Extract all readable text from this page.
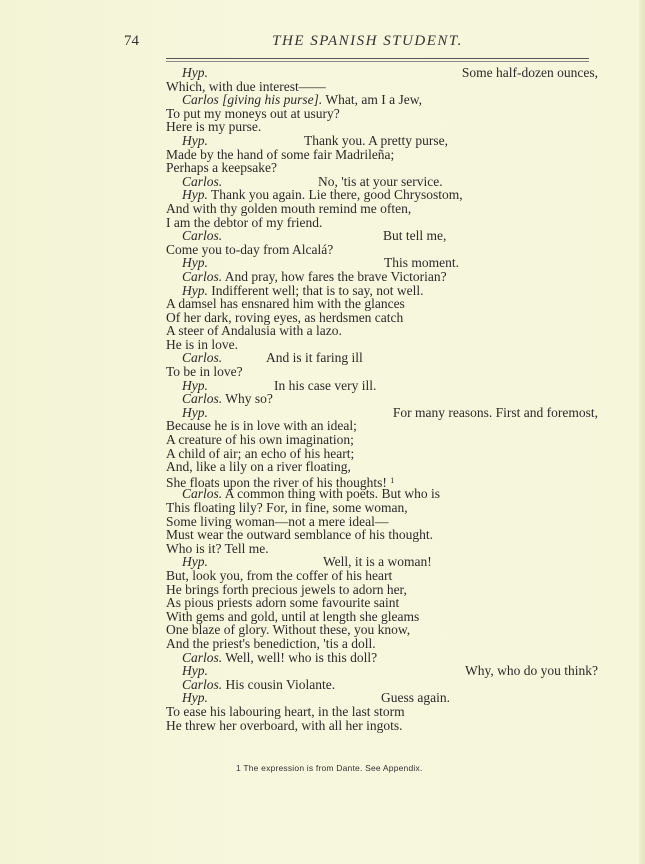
74	THE SPANISH STUDENT.
Hyp.	Some half-dozen ounces,
Which, with due interest——
Carlos [giving his purse]. What, am I a Jew,
To put my moneys out at usury?
Here is my purse.
Hyp.	Thank you. A pretty purse,
Made by the hand of some fair Madrileña;
Perhaps a keepsake?
Carlos.	No, 'tis at your service.
Hyp. Thank you again. Lie there, good Chrysostom,
And with thy golden mouth remind me often,
I am the debtor of my friend.
Carlos.	But tell me,
Come you to-day from Alcalá?
Hyp.	This moment.
Carlos. And pray, how fares the brave Victorian?
Hyp. Indifferent well; that is to say, not well.
A damsel has ensnared him with the glances
Of her dark, roving eyes, as herdsmen catch
A steer of Andalusia with a lazo.
He is in love.
Carlos.	And is it faring ill
To be in love?
Hyp.	In his case very ill.
Carlos. Why so?
Hyp.	For many reasons. First and foremost,
Because he is in love with an ideal;
A creature of his own imagination;
A child of air; an echo of his heart;
And, like a lily on a river floating,
She floats upon the river of his thoughts! $^1$
Carlos. A common thing with poets. But who is
This floating lily? For, in fine, some woman,
Some living woman—not a mere ideal—
Must wear the outward semblance of his thought.
Who is it? Tell me.
Hyp.	Well, it is a woman!
But, look you, from the coffer of his heart
He brings forth precious jewels to adorn her,
As pious priests adorn some favourite saint
With gems and gold, until at length she gleams
One blaze of glory. Without these, you know,
And the priest's benediction, 'tis a doll.
Carlos. Well, well! who is this doll?
Hyp.	Why, who do you think?
Carlos. His cousin Violante.
Hyp.	Guess again.
To ease his labouring heart, in the last storm
He threw her overboard, with all her ingots.
1 The expression is from Dante. See Appendix.
